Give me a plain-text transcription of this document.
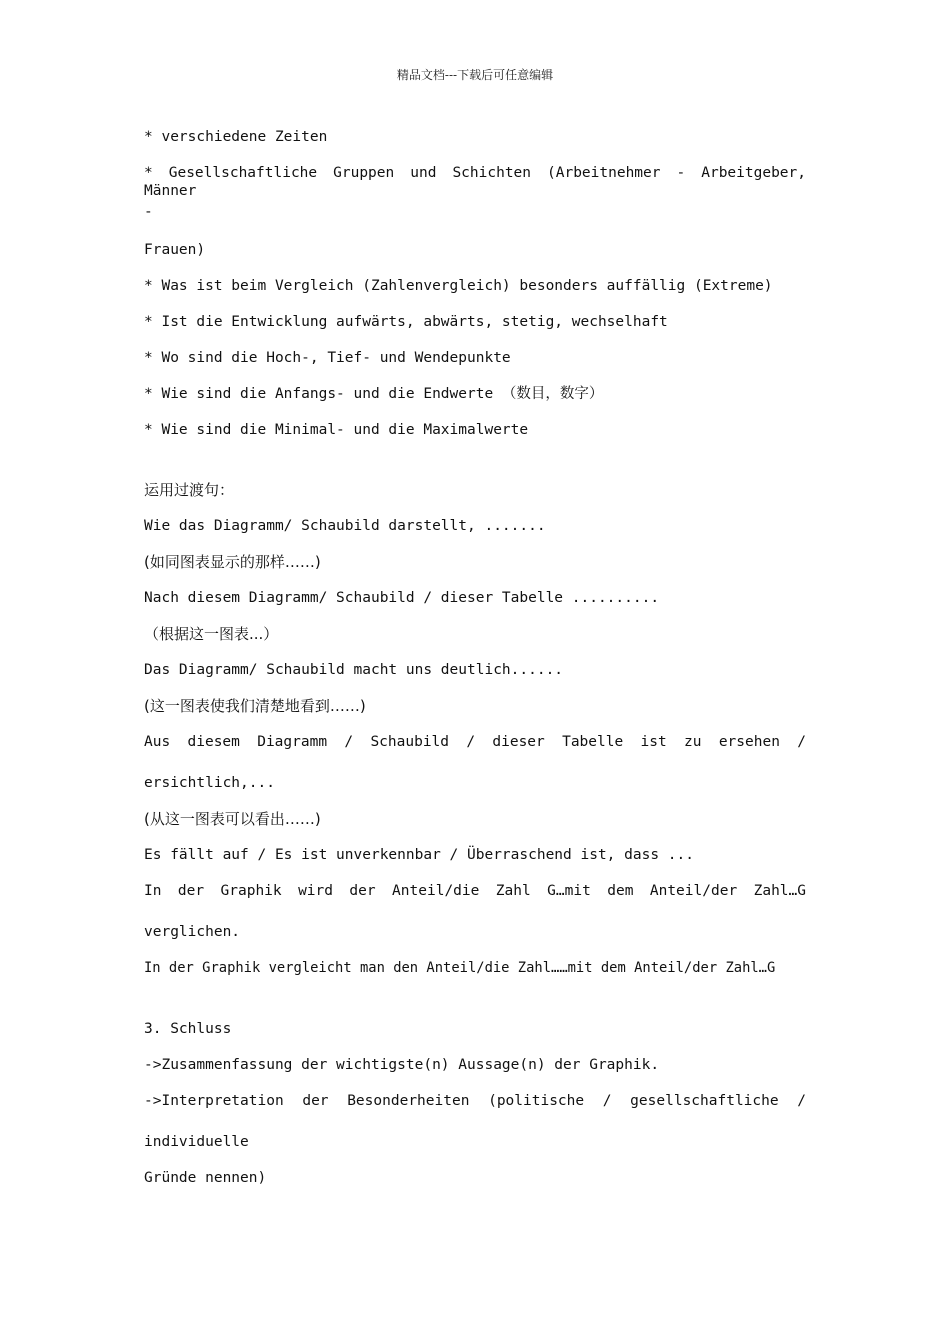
精品文档---下载后可任意编辑
* verschiedene Zeiten
* Gesellschaftliche Gruppen und Schichten (Arbeitnehmer - Arbeitgeber, Männer
-
Frauen)
* Was ist beim Vergleich (Zahlenvergleich) besonders auffällig (Extreme)
* Ist die Entwicklung aufwärts, abwärts, stetig, wechselhaft
* Wo sind die Hoch-, Tief- und Wendepunkte
* Wie sind die Anfangs- und die Endwerte （数目，数字）
* Wie sind die Minimal- und die Maximalwerte
运用过渡句：
Wie das Diagramm/ Schaubild darstellt, .......
(如同图表显示的那样……)
Nach diesem Diagramm/ Schaubild / dieser Tabelle ..........
（根据这一图表...）
Das Diagramm/ Schaubild macht uns deutlich......
(这一图表使我们清楚地看到……)
Aus diesem Diagramm / Schaubild / dieser Tabelle ist zu ersehen /
ersichtlich,...
(从这一图表可以看出……)
Es fällt auf / Es ist unverkennbar / Überraschend ist, dass ...
In der Graphik wird der Anteil/die Zahl G…mit dem Anteil/der Zahl…G
verglichen.
In der Graphik vergleicht man den Anteil/die Zahl……mit dem Anteil/der Zahl…G
3. Schluss
->Zusammenfassung der wichtigste(n) Aussage(n) der Graphik.
->Interpretation der Besonderheiten (politische / gesellschaftliche /
individuelle
Gründe nennen)
